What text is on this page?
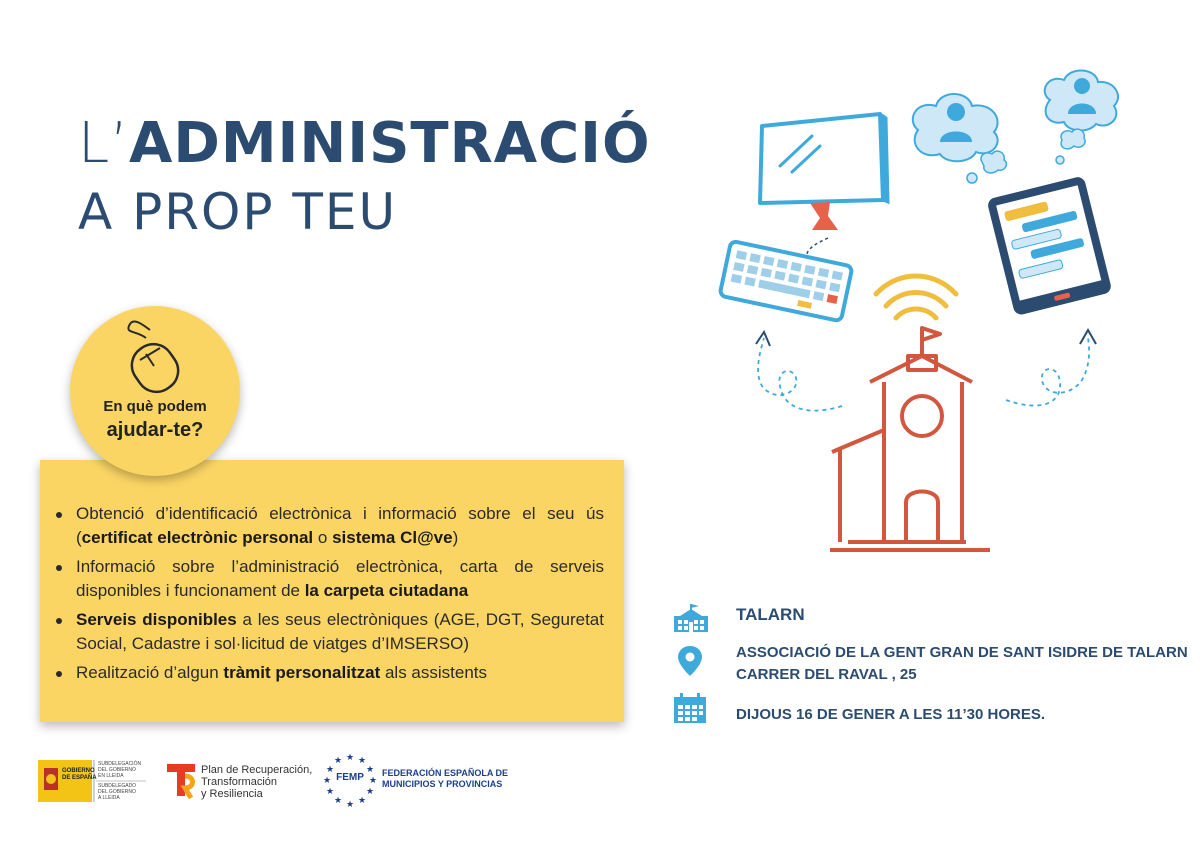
L’ADMINISTRACIÓ
A PROP TEU
En què podem
ajudar-te?
Obtenció d’identificació electrònica i informació sobre el seu ús (certificat electrònic personal o sistema Cl@ve)
Informació sobre l’administració electrònica, carta de serveis disponibles i funcionament de la carpeta ciutadana
Serveis disponibles a les seus electròniques (AGE, DGT, Seguretat Social, Cadastre i sol·licitud de viatges d’IMSERSO)
Realització d’algun tràmit personalitzat als assistents
TALARN
ASSOCIACIÓ DE LA GENT GRAN DE SANT ISIDRE DE TALARN
CARRER DEL RAVAL , 25
DIJOUS 16 DE GENER A LES 11’30 HORES.
GOBIERNO
DE ESPAÑA
SUBDELEGACIÓN
DEL GOBIERNO
EN LLEIDA
SUBDELEGADO
DEL GOBIERNO
A LLEIDA
Plan de Recuperación,
Transformación
y Resiliencia
★ ★
★
★
★
★
★
★
★
★
★
★
FEMP FEDERACIÓN ESPAÑOLA DE
MUNICIPIOS Y PROVINCIAS
